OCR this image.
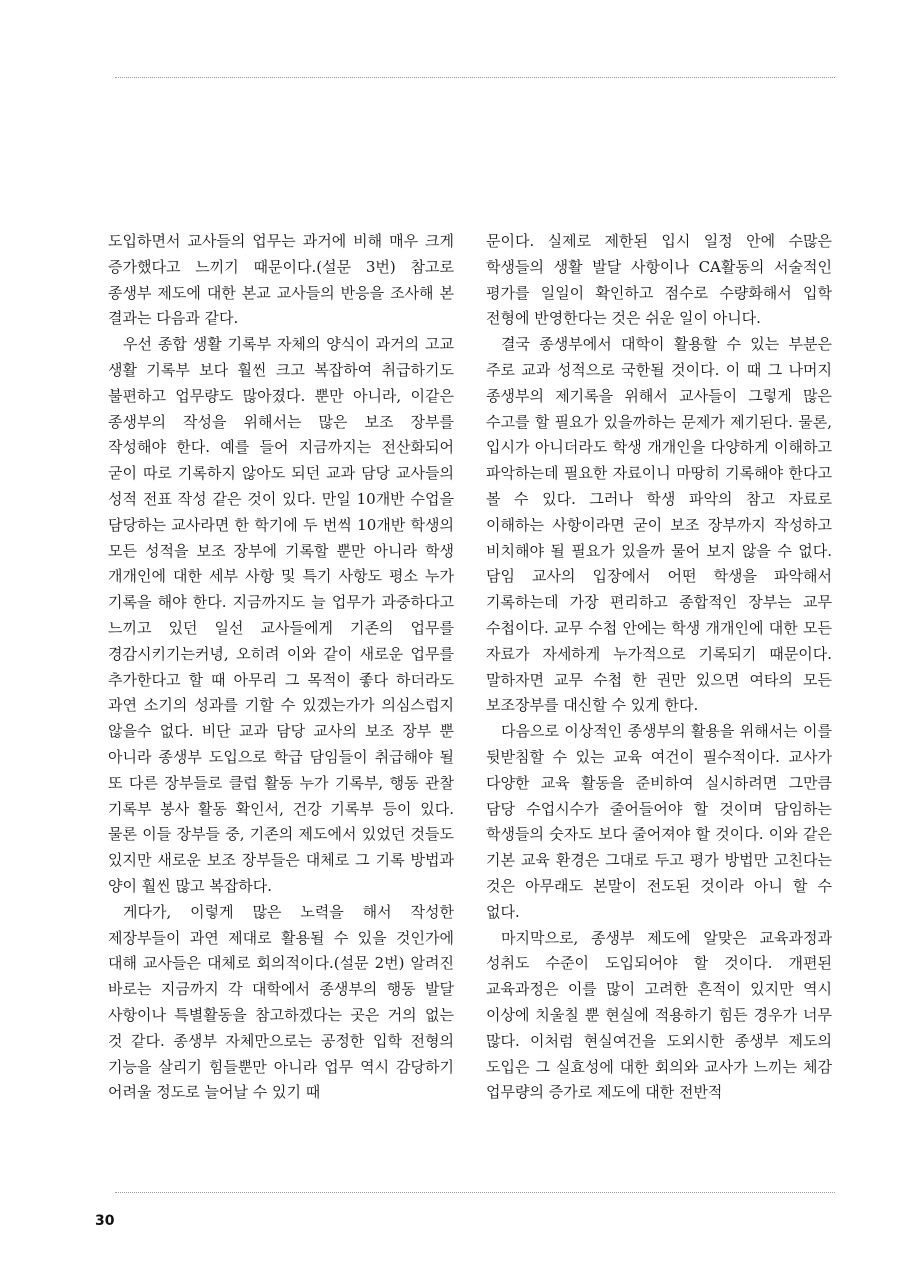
도입하면서 교사들의 업무는 과거에 비해 매우 크게 증가했다고 느끼기 때문이다.(설문 3번) 참고로 종생부 제도에 대한 본교 교사들의 반응을 조사해 본 결과는 다음과 같다.

우선 종합 생활 기록부 자체의 양식이 과거의 고교 생활 기록부 보다 훨씬 크고 복잡하여 취급하기도 불편하고 업무량도 많아졌다. 뿐만 아니라, 이같은 종생부의 작성을 위해서는 많은 보조 장부를 작성해야 한다. 예를 들어 지금까지는 전산화되어 굳이 따로 기록하지 않아도 되던 교과 담당 교사들의 성적 전표 작성 같은 것이 있다. 만일 10개반 수업을 담당하는 교사라면 한 학기에 두 번씩 10개반 학생의 모든 성적을 보조 장부에 기록할 뿐만 아니라 학생 개개인에 대한 세부 사항 및 특기 사항도 평소 누가 기록을 해야 한다. 지금까지도 늘 업무가 과중하다고 느끼고 있던 일선 교사들에게 기존의 업무를 경감시키기는커녕, 오히려 이와 같이 새로운 업무를 추가한다고 할 때 아무리 그 목적이 좋다 하더라도 과연 소기의 성과를 기할 수 있겠는가가 의심스럽지 않을수 없다. 비단 교과 담당 교사의 보조 장부 뿐 아니라 종생부 도입으로 학급 담임들이 취급해야 될 또 다른 장부들로 클럽 활동 누가 기록부, 행동 관찰 기록부 봉사 활동 확인서, 건강 기록부 등이 있다. 물론 이들 장부들 중, 기존의 제도에서 있었던 것들도 있지만 새로운 보조 장부들은 대체로 그 기록 방법과 양이 훨씬 많고 복잡하다.

게다가, 이렇게 많은 노력을 해서 작성한 제장부들이 과연 제대로 활용될 수 있을 것인가에 대해 교사들은 대체로 회의적이다.(설문 2번) 알려진 바로는 지금까지 각 대학에서 종생부의 행동 발달 사항이나 특별활동을 참고하겠다는 곳은 거의 없는 것 같다. 종생부 자체만으로는 공정한 입학 전형의 기능을 살리기 힘들뿐만 아니라 업무 역시 감당하기 어려울 정도로 늘어날 수 있기 때

문이다. 실제로 제한된 입시 일정 안에 수많은 학생들의 생활 발달 사항이나 CA활동의 서술적인 평가를 일일이 확인하고 점수로 수량화해서 입학 전형에 반영한다는 것은 쉬운 일이 아니다.

결국 종생부에서 대학이 활용할 수 있는 부분은 주로 교과 성적으로 국한될 것이다. 이 때 그 나머지 종생부의 제기록을 위해서 교사들이 그렇게 많은 수고를 할 필요가 있을까하는 문제가 제기된다. 물론, 입시가 아니더라도 학생 개개인을 다양하게 이해하고 파악하는데 필요한 자료이니 마땅히 기록해야 한다고 볼 수 있다. 그러나 학생 파악의 참고 자료로 이해하는 사항이라면 굳이 보조 장부까지 작성하고 비치해야 될 필요가 있을까 물어 보지 않을 수 없다. 담임 교사의 입장에서 어떤 학생을 파악해서 기록하는데 가장 편리하고 종합적인 장부는 교무 수첩이다. 교무 수첩 안에는 학생 개개인에 대한 모든 자료가 자세하게 누가적으로 기록되기 때문이다. 말하자면 교무 수첩 한 권만 있으면 여타의 모든 보조장부를 대신할 수 있게 한다.

다음으로 이상적인 종생부의 활용을 위해서는 이를 뒷받침할 수 있는 교육 여건이 필수적이다. 교사가 다양한 교육 활동을 준비하여 실시하려면 그만큼 담당 수업시수가 줄어들어야 할 것이며 담임하는 학생들의 숫자도 보다 줄어져야 할 것이다. 이와 같은 기본 교육 환경은 그대로 두고 평가 방법만 고친다는 것은 아무래도 본말이 전도된 것이라 아니 할 수 없다.

마지막으로, 종생부 제도에 알맞은 교육과정과 성취도 수준이 도입되어야 할 것이다. 개편된 교육과정은 이를 많이 고려한 흔적이 있지만 역시 이상에 치울칠 뿐 현실에 적용하기 힘든 경우가 너무 많다. 이처럼 현실여건을 도외시한 종생부 제도의 도입은 그 실효성에 대한 회의와 교사가 느끼는 체감 업무량의 증가로 제도에 대한 전반적

30
